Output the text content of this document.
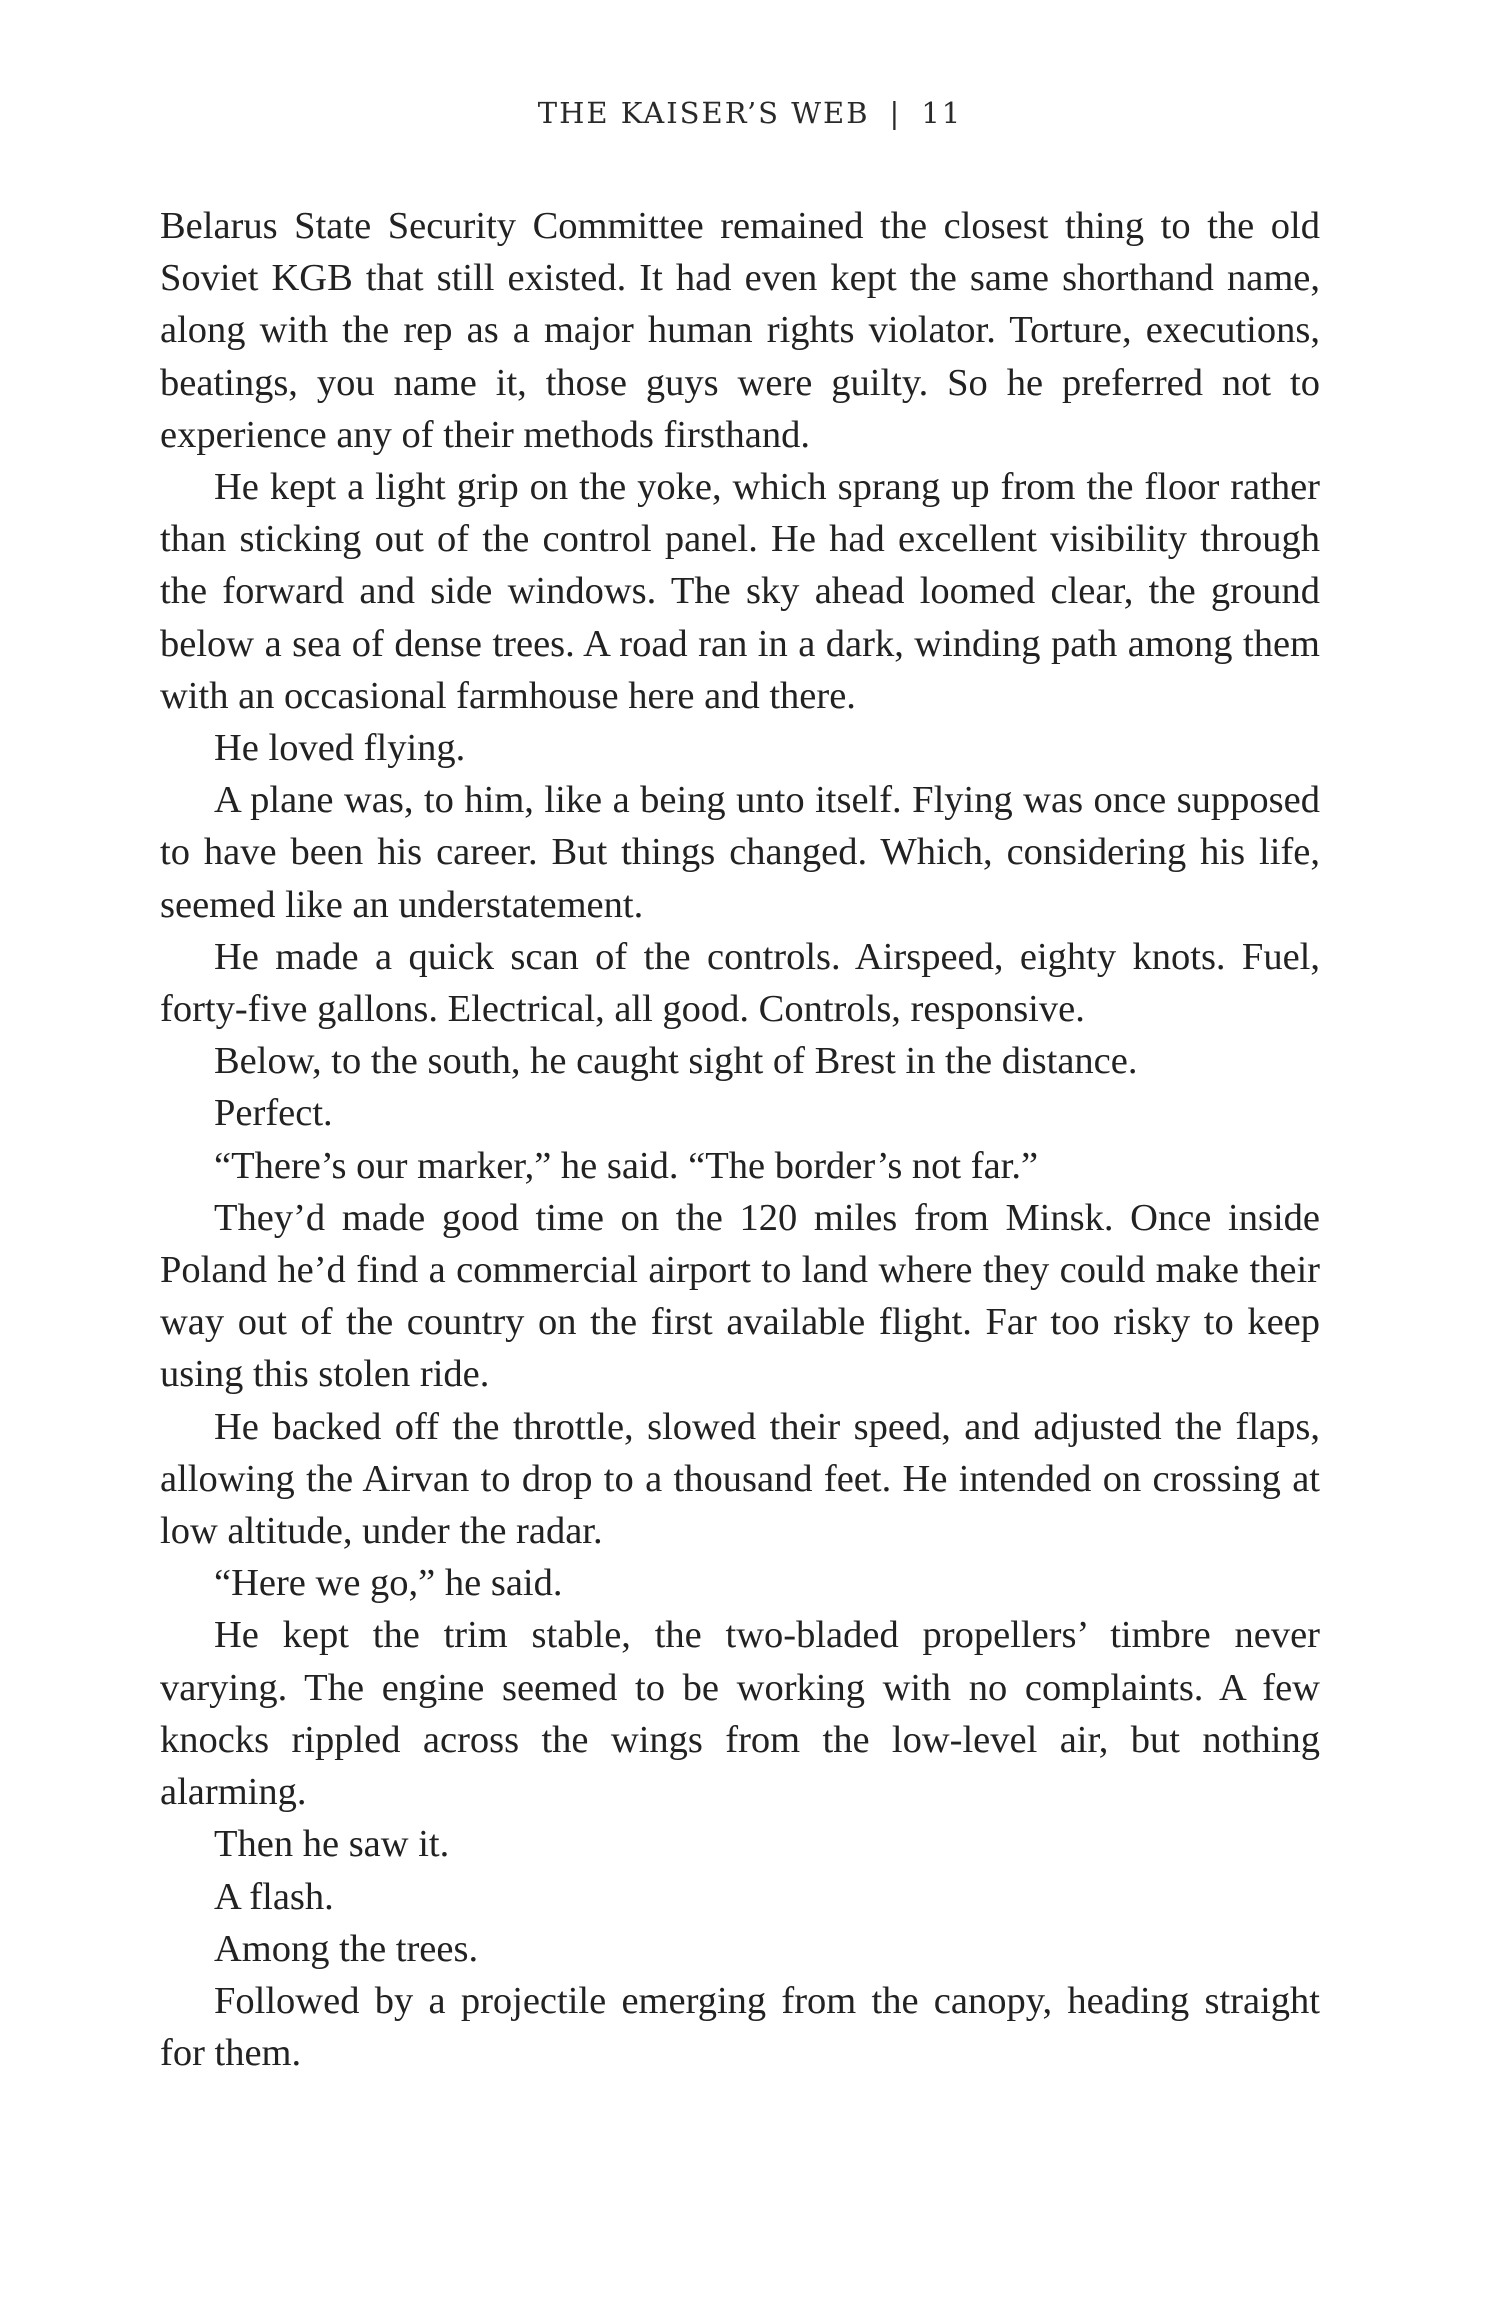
THE KAISER’S WEB | 11

Belarus State Security Committee remained the closest thing to the old Soviet KGB that still existed. It had even kept the same shorthand name, along with the rep as a major human rights violator. Torture, executions, beatings, you name it, those guys were guilty. So he preferred not to experience any of their methods firsthand.

He kept a light grip on the yoke, which sprang up from the floor rather than sticking out of the control panel. He had excellent visibility through the forward and side windows. The sky ahead loomed clear, the ground below a sea of dense trees. A road ran in a dark, winding path among them with an occasional farmhouse here and there.

He loved flying.

A plane was, to him, like a being unto itself. Flying was once supposed to have been his career. But things changed. Which, considering his life, seemed like an understatement.

He made a quick scan of the controls. Airspeed, eighty knots. Fuel, forty-five gallons. Electrical, all good. Controls, responsive.

Below, to the south, he caught sight of Brest in the distance.

Perfect.

“There’s our marker,” he said. “The border’s not far.”

They’d made good time on the 120 miles from Minsk. Once inside Poland he’d find a commercial airport to land where they could make their way out of the country on the first available flight. Far too risky to keep using this stolen ride.

He backed off the throttle, slowed their speed, and adjusted the flaps, allowing the Airvan to drop to a thousand feet. He intended on crossing at low altitude, under the radar.

“Here we go,” he said.

He kept the trim stable, the two-bladed propellers’ timbre never varying. The engine seemed to be working with no complaints. A few knocks rippled across the wings from the low-level air, but nothing alarming.

Then he saw it.

A flash.

Among the trees.

Followed by a projectile emerging from the canopy, heading straight for them.
